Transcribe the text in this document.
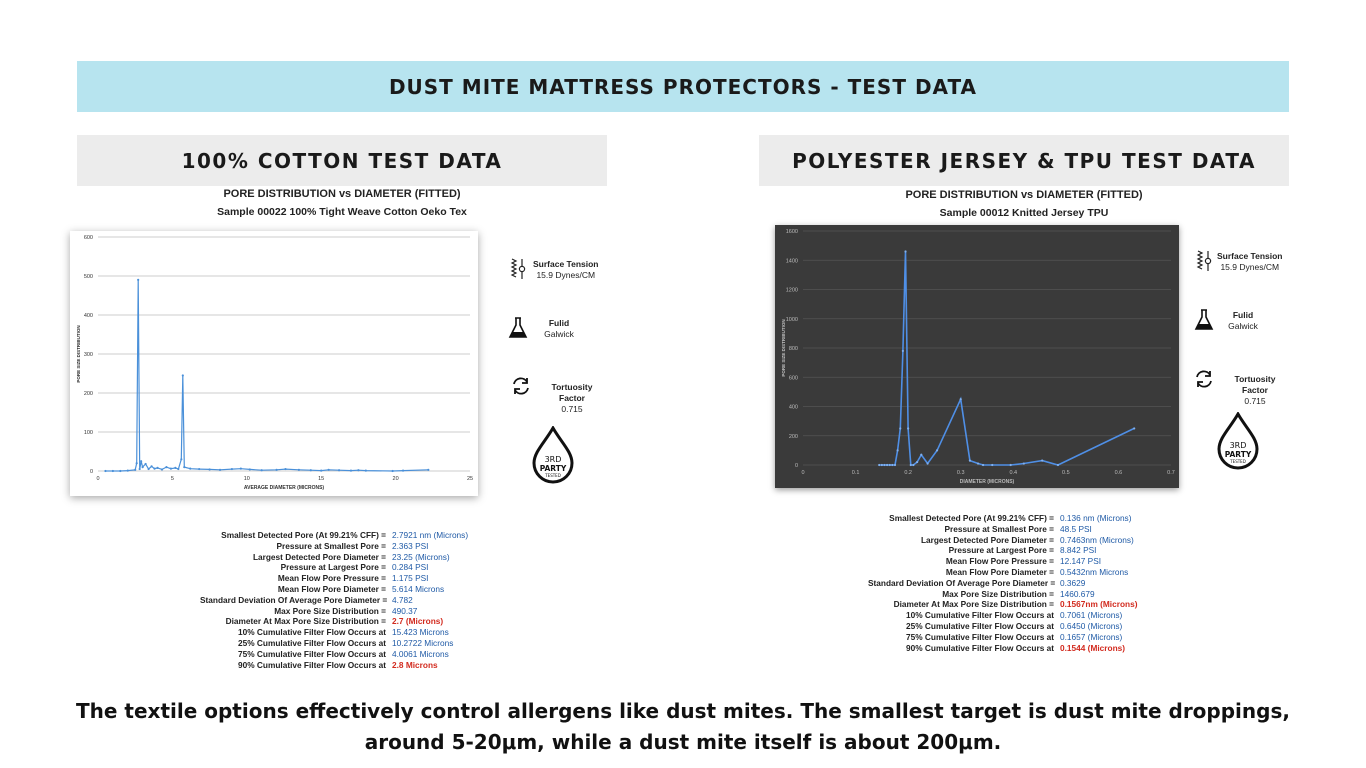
DUST MITE MATTRESS PROTECTORS - TEST DATA
100% COTTON TEST DATA
PORE DISTRIBUTION vs DIAMETER (FITTED)
Sample 00022 100% Tight Weave Cotton Oeko Tex
0
100
200
300
400
500
600
0	5	10	15	20	25
AVERAGE DIAMETER (MICRONS)
PORE SIZE DISTRIBUTION
Surface Tension
15.9 Dynes/CM
Fulid
Galwick
Tortuosity Factor
0.715
3RD
PARTY
TESTED
Smallest Detected Pore (At 99.21% CFF) = 2.7921 nm (Microns)
Pressure at Smallest Pore = 2.363 PSI
Largest Detected Pore Diameter = 23.25 (Microns)
Pressure at Largest Pore = 0.284 PSI
Mean Flow Pore Pressure = 1.175 PSI
Mean Flow Pore Diameter = 5.614 Microns
Standard Deviation Of Average Pore Diameter = 4.782
Max Pore Size Distribution = 490.37
Diameter At Max Pore Size Distribution = 2.7 (Microns)
10% Cumulative Filter Flow Occurs at 15.423 Microns
25% Cumulative Filter Flow Occurs at 10.2722 Microns
75% Cumulative Filter Flow Occurs at 4.0061 Microns
90% Cumulative Filter Flow Occurs at 2.8 Microns
POLYESTER JERSEY & TPU TEST DATA
PORE DISTRIBUTION vs DIAMETER (FITTED)
Sample 00012 Knitted Jersey TPU
0
200
400
600
800
1000
1200
1400
1600
0	0.1	0.2	0.3	0.4	0.5	0.6	0.7
DIAMETER (MICRONS)
PORE SIZE DISTRIBUTION
Surface Tension
15.9 Dynes/CM
Fulid
Galwick
Tortuosity Factor
0.715
3RD
PARTY
TESTED
Smallest Detected Pore (At 99.21% CFF) = 0.136 nm (Microns)
Pressure at Smallest Pore = 48.5 PSI
Largest Detected Pore Diameter = 0.7463nm (Microns)
Pressure at Largest Pore = 8.842 PSI
Mean Flow Pore Pressure = 12.147 PSI
Mean Flow Pore Diameter = 0.5432nm Microns
Standard Deviation Of Average Pore Diameter = 0.3629
Max Pore Size Distribution = 1460.679
Diameter At Max Pore Size Distribution = 0.1567nm (Microns)
10% Cumulative Filter Flow Occurs at 0.7061 (Microns)
25% Cumulative Filter Flow Occurs at 0.6450 (Microns)
75% Cumulative Filter Flow Occurs at 0.1657 (Microns)
90% Cumulative Filter Flow Occurs at 0.1544 (Microns)
The textile options effectively control allergens like dust mites. The smallest target is dust mite droppings, around 5-20μm, while a dust mite itself is about 200μm.
